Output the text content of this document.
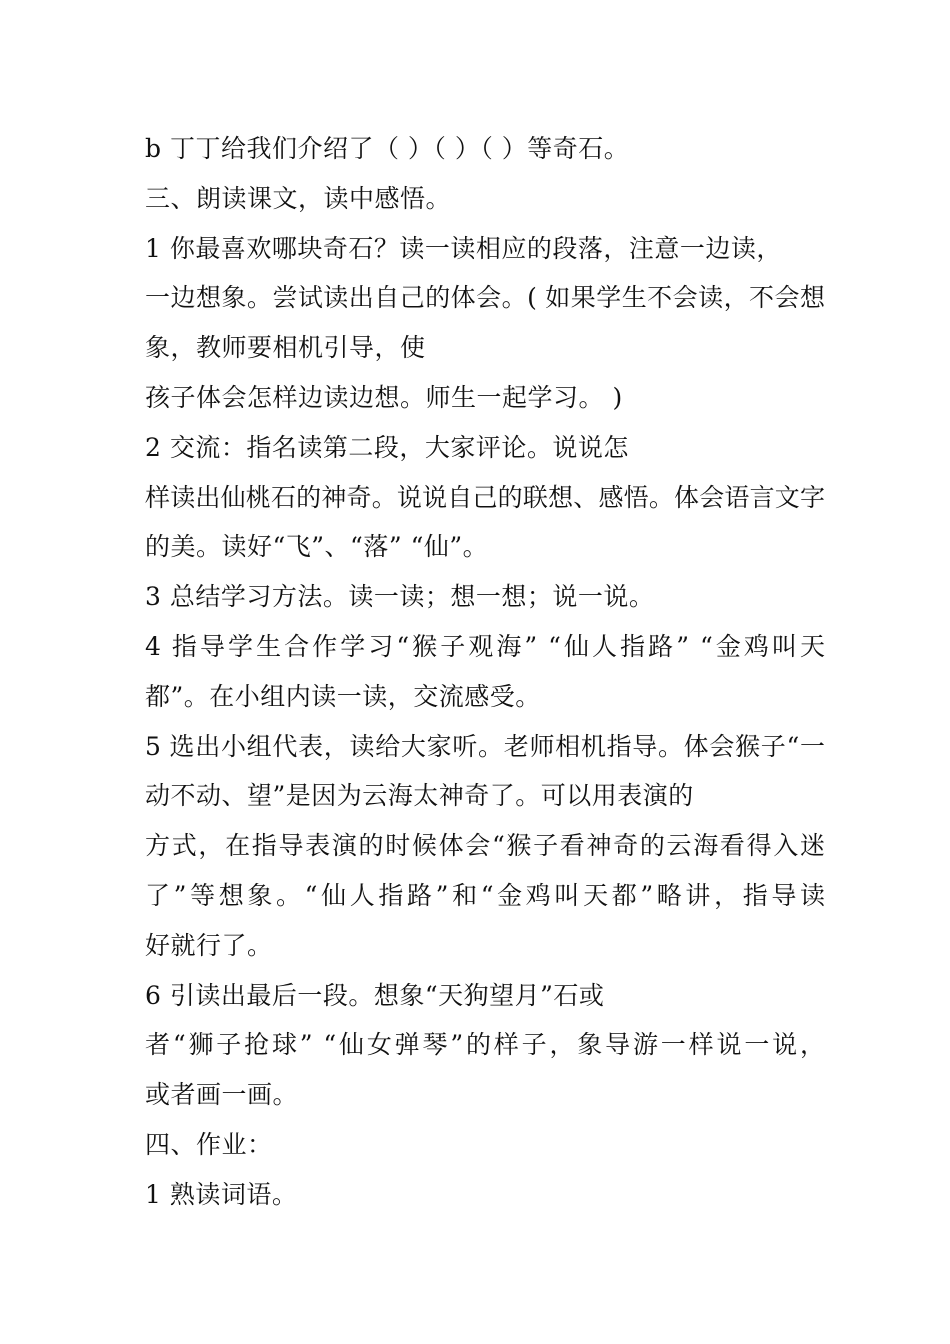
b 丁丁给我们介绍了（ ）（ ）（ ）等奇石。

三、朗读课文，读中感悟。

1 你最喜欢哪块奇石？读一读相应的段落，注意一边读，

一边想象。尝试读出自己的体会。( 如果学生不会读，不会想

象，教师要相机引导，使

孩子体会怎样边读边想。师生一起学习。 )

2 交流：指名读第二段，大家评论。说说怎

样读出仙桃石的神奇。说说自己的联想、感悟。体会语言文字

的美。读好“飞”、“落” “仙”。

3 总结学习方法。读一读；想一想；说一说。

4 指导学生合作学习“猴子观海” “仙人指路” “金鸡叫天

都”。在小组内读一读，交流感受。

5 选出小组代表，读给大家听。老师相机指导。体会猴子“一

动不动、望”是因为云海太神奇了。可以用表演的

方式，在指导表演的时候体会“猴子看神奇的云海看得入迷

了”等想象。“仙人指路”和“金鸡叫天都”略讲，指导读

好就行了。

6 引读出最后一段。想象“天狗望月”石或

者“狮子抢球” “仙女弹琴”的样子，象导游一样说一说，

或者画一画。

四、作业：

1 熟读词语。
